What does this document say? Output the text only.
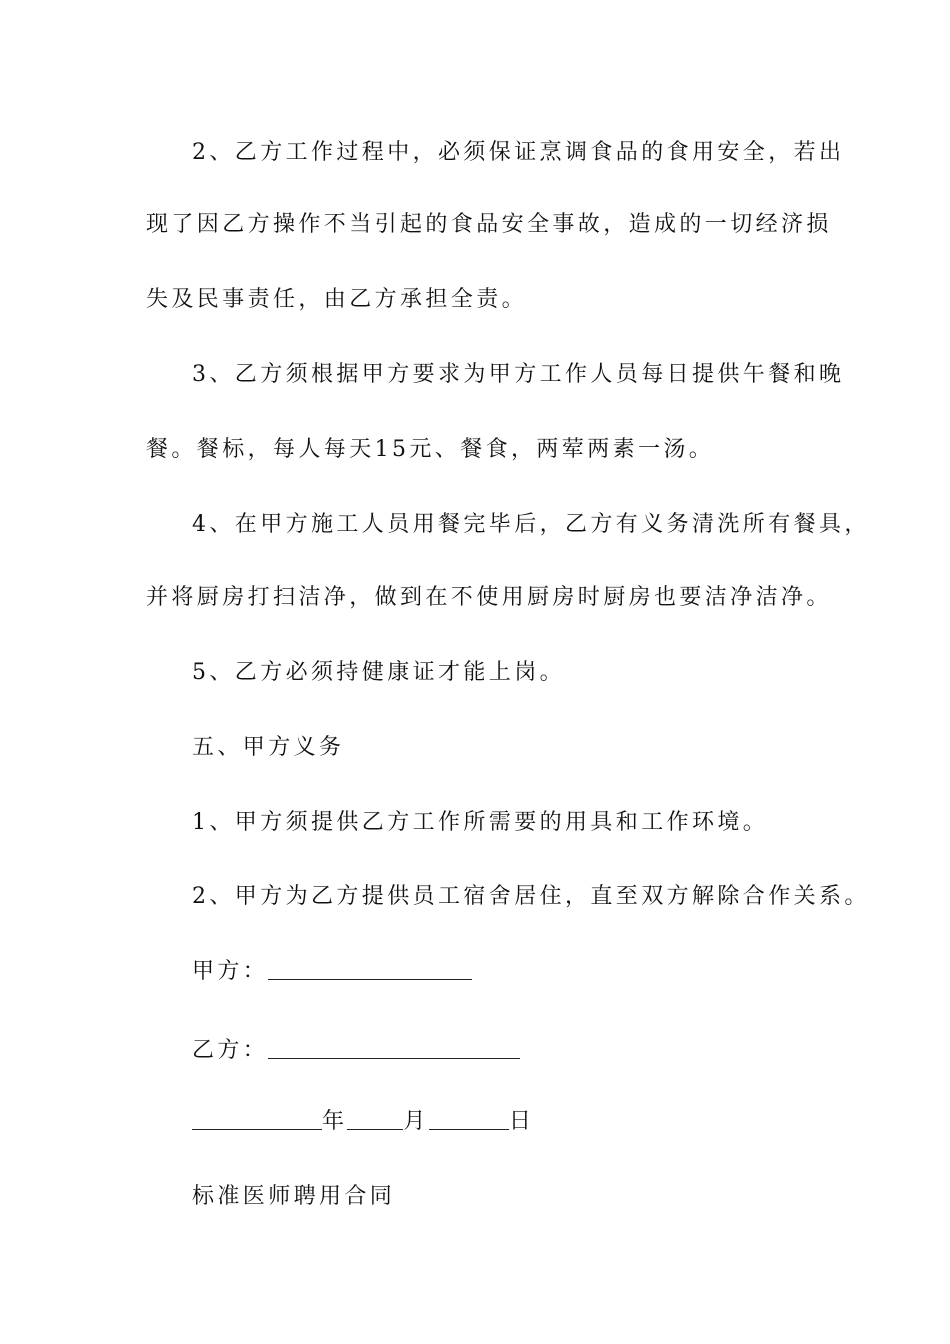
2、乙方工作过程中，必须保证烹调食品的食用安全，若出
现了因乙方操作不当引起的食品安全事故，造成的一切经济损
失及民事责任，由乙方承担全责。
3、乙方须根据甲方要求为甲方工作人员每日提供午餐和晚
餐。餐标，每人每天15元、餐食，两荤两素一汤。
4、在甲方施工人员用餐完毕后，乙方有义务清洗所有餐具，
并将厨房打扫洁净，做到在不使用厨房时厨房也要洁净洁净。
5、乙方必须持健康证才能上岗。
五、甲方义务
1、甲方须提供乙方工作所需要的用具和工作环境。
2、甲方为乙方提供员工宿舍居住，直至双方解除合作关系。
甲方：
乙方：
年	月	日
标准医师聘用合同
